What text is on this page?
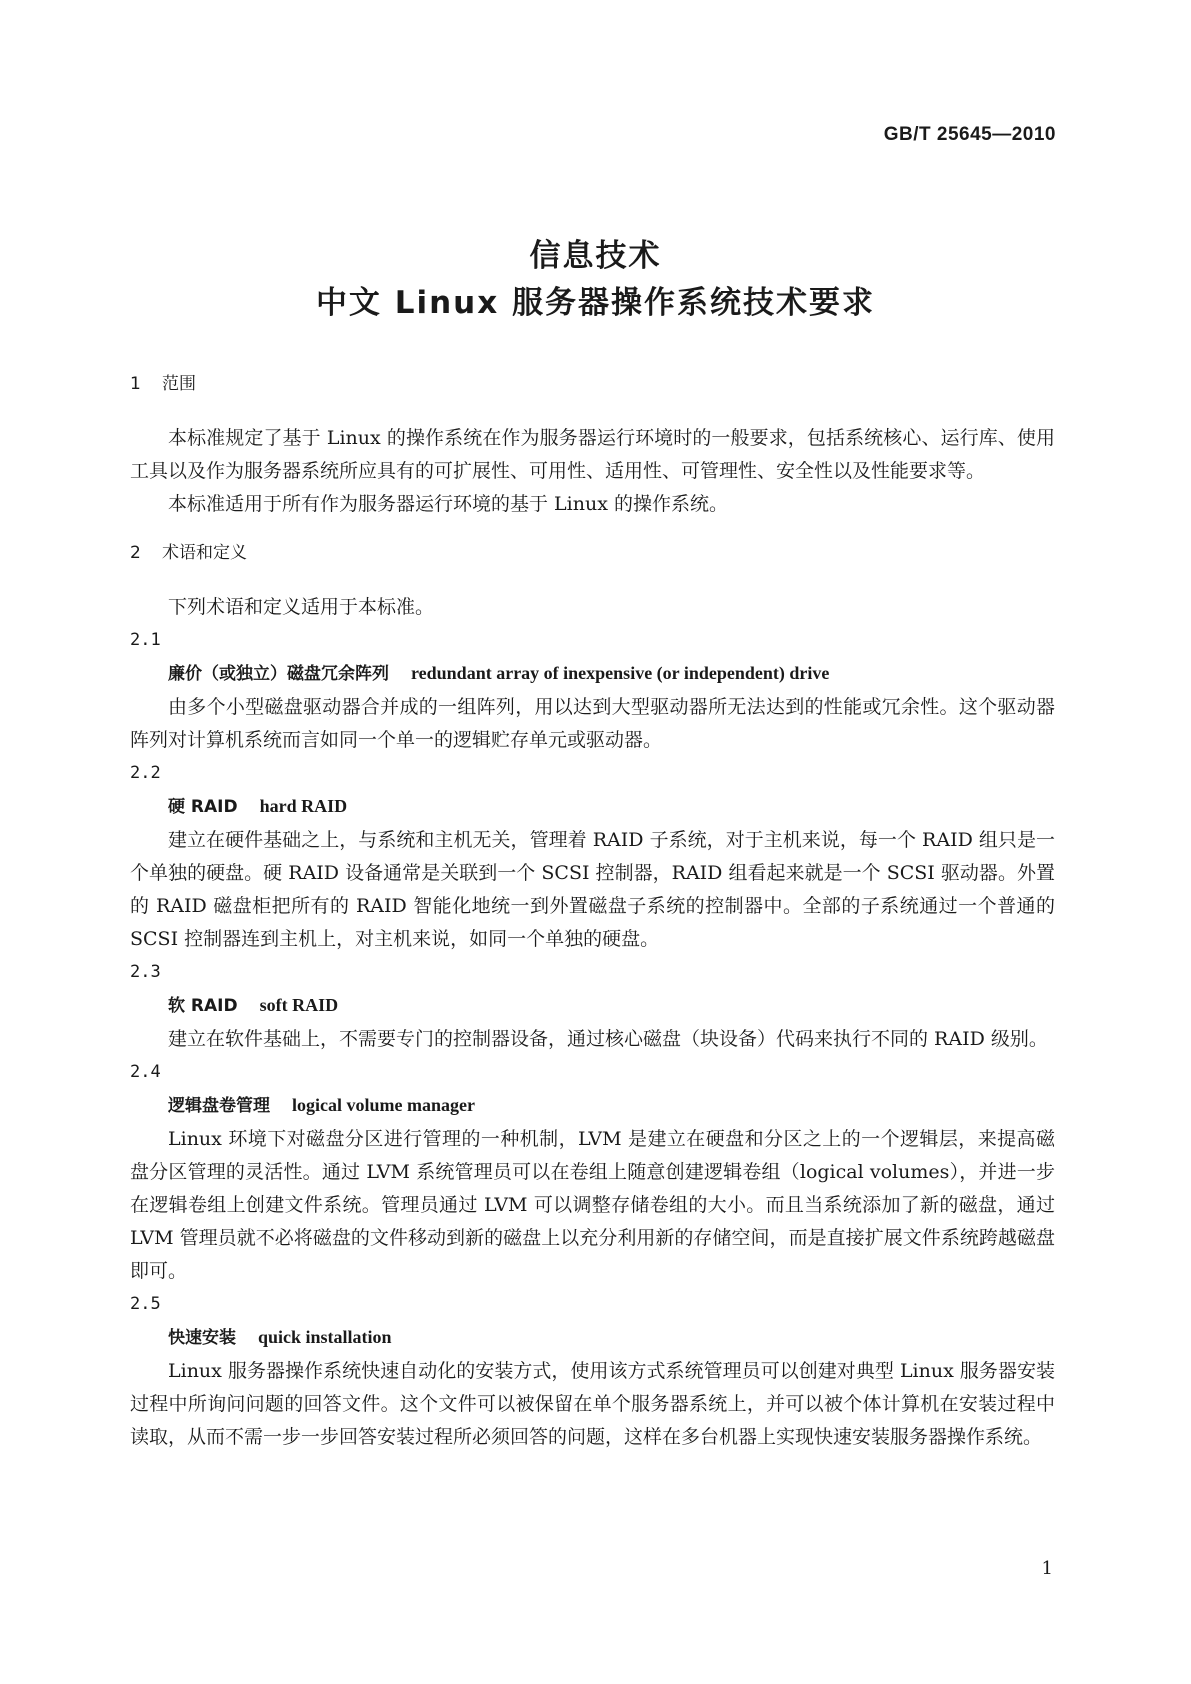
GB/T 25645—2010
信息技术
中文 Linux 服务器操作系统技术要求
1 范围

本标准规定了基于 Linux 的操作系统在作为服务器运行环境时的一般要求，包括系统核心、运行库、使用工具以及作为服务器系统所应具有的可扩展性、可用性、适用性、可管理性、安全性以及性能要求等。

本标准适用于所有作为服务器运行环境的基于 Linux 的操作系统。

2 术语和定义

下列术语和定义适用于本标准。

2.1

廉价（或独立）磁盘冗余阵列 redundant array of inexpensive (or independent) drive

由多个小型磁盘驱动器合并成的一组阵列，用以达到大型驱动器所无法达到的性能或冗余性。这个驱动器阵列对计算机系统而言如同一个单一的逻辑贮存单元或驱动器。

2.2

硬 RAID hard RAID

建立在硬件基础之上，与系统和主机无关，管理着 RAID 子系统，对于主机来说，每一个 RAID 组只是一个单独的硬盘。硬 RAID 设备通常是关联到一个 SCSI 控制器，RAID 组看起来就是一个 SCSI 驱动器。外置的 RAID 磁盘柜把所有的 RAID 智能化地统一到外置磁盘子系统的控制器中。全部的子系统通过一个普通的 SCSI 控制器连到主机上，对主机来说，如同一个单独的硬盘。

2.3

软 RAID soft RAID

建立在软件基础上，不需要专门的控制器设备，通过核心磁盘（块设备）代码来执行不同的 RAID 级别。

2.4

逻辑盘卷管理 logical volume manager

Linux 环境下对磁盘分区进行管理的一种机制，LVM 是建立在硬盘和分区之上的一个逻辑层，来提高磁盘分区管理的灵活性。通过 LVM 系统管理员可以在卷组上随意创建逻辑卷组（logical volumes），并进一步在逻辑卷组上创建文件系统。管理员通过 LVM 可以调整存储卷组的大小。而且当系统添加了新的磁盘，通过 LVM 管理员就不必将磁盘的文件移动到新的磁盘上以充分利用新的存储空间，而是直接扩展文件系统跨越磁盘即可。

2.5

快速安装 quick installation

Linux 服务器操作系统快速自动化的安装方式，使用该方式系统管理员可以创建对典型 Linux 服务器安装过程中所询问问题的回答文件。这个文件可以被保留在单个服务器系统上，并可以被个体计算机在安装过程中读取，从而不需一步一步回答安装过程所必须回答的问题，这样在多台机器上实现快速安装服务器操作系统。

1
